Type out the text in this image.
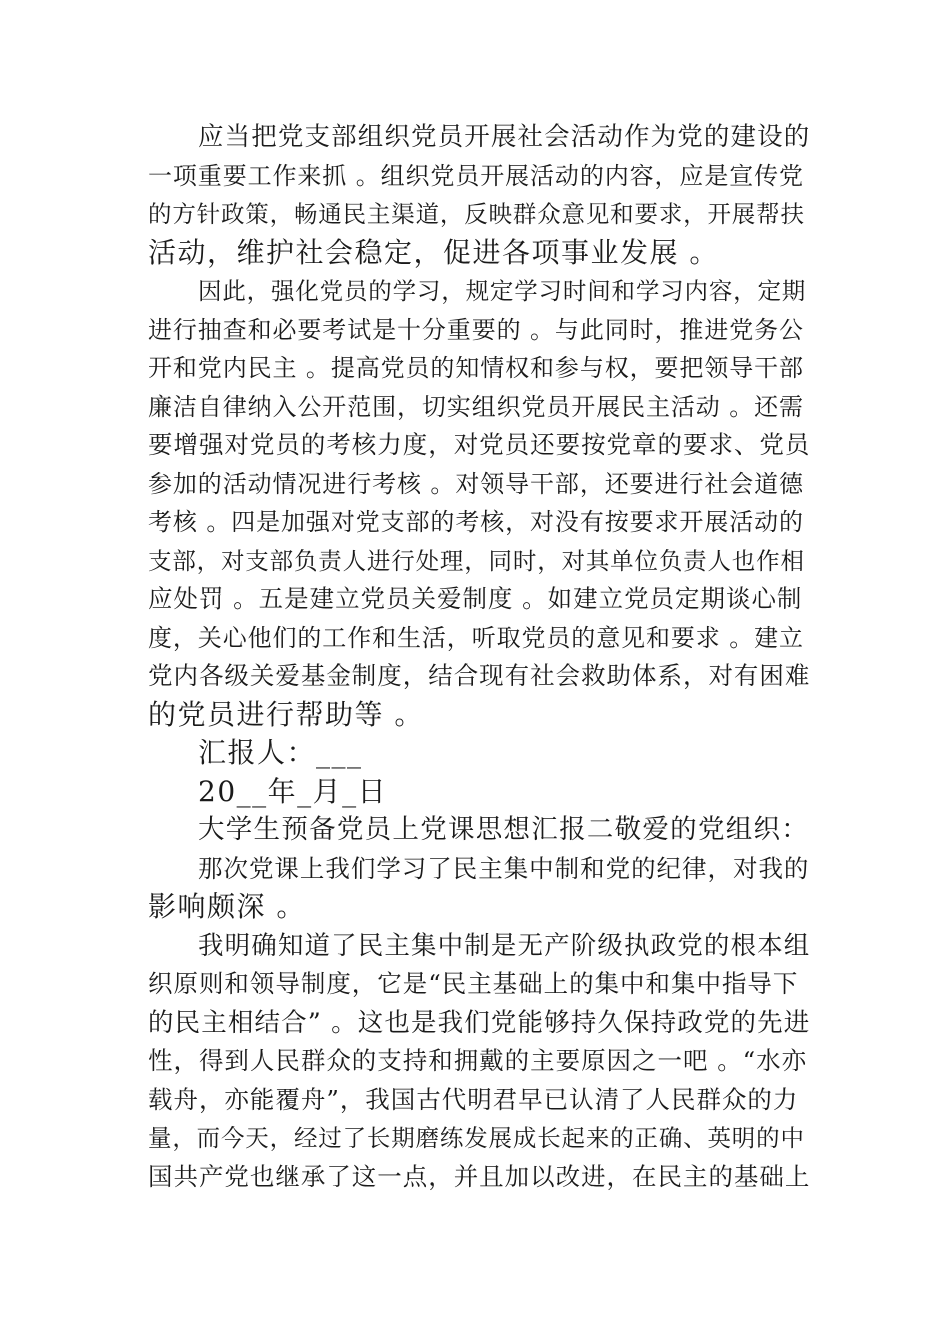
应当把党支部组织党员开展社会活动作为党的建设的
一项重要工作来抓 。组织党员开展活动的内容，应是宣传党
的方针政策，畅通民主渠道，反映群众意见和要求，开展帮扶
活动，维护社会稳定，促进各项事业发展 。
因此，强化党员的学习，规定学习时间和学习内容，定期
进行抽查和必要考试是十分重要的 。与此同时，推进党务公
开和党内民主 。提高党员的知情权和参与权，要把领导干部
廉洁自律纳入公开范围，切实组织党员开展民主活动 。还需
要增强对党员的考核力度，对党员还要按党章的要求、党员
参加的活动情况进行考核 。对领导干部，还要进行社会道德
考核 。四是加强对党支部的考核，对没有按要求开展活动的
支部，对支部负责人进行处理，同时，对其单位负责人也作相
应处罚 。五是建立党员关爱制度 。如建立党员定期谈心制
度，关心他们的工作和生活，听取党员的意见和要求 。建立
党内各级关爱基金制度，结合现有社会救助体系，对有困难
的党员进行帮助等 。
汇报人：___
20__年_月_日
大学生预备党员上党课思想汇报二敬爱的党组织：
那次党课上我们学习了民主集中制和党的纪律，对我的
影响颇深 。
我明确知道了民主集中制是无产阶级执政党的根本组
织原则和领导制度，它是“民主基础上的集中和集中指导下
的民主相结合” 。这也是我们党能够持久保持政党的先进
性，得到人民群众的支持和拥戴的主要原因之一吧 。“水亦
载舟，亦能覆舟”，我国古代明君早已认清了人民群众的力
量，而今天，经过了长期磨练发展成长起来的正确、英明的中
国共产党也继承了这一点，并且加以改进，在民主的基础上
